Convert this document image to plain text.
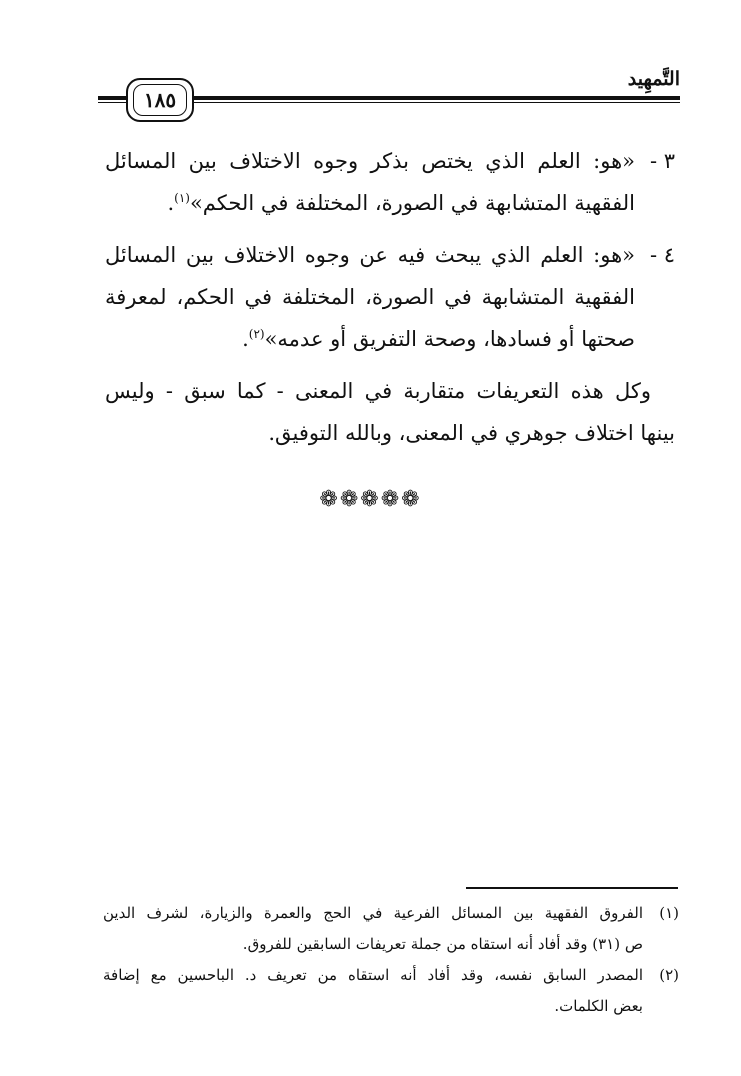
التَّمهِيد
١٨٥
٣ -
«هو: العلم الذي يختص بذكر وجوه الاختلاف بين المسائل
الفقهية المتشابهة في الصورة، المختلفة في الحكم»$^{(١)}$.
٤ -
«هو: العلم الذي يبحث فيه عن وجوه الاختلاف بين المسائل
الفقهية المتشابهة في الصورة، المختلفة في الحكم، لمعرفة
صحتها أو فسادها، وصحة التفريق أو عدمه»$^{(٢)}$.
وكل هذه التعريفات متقاربة في المعنى - كما سبق - وليس
بينها اختلاف جوهري في المعنى، وبالله التوفيق.
❁❁❁❁❁
(١)
الفروق الفقهية بين المسائل الفرعية في الحج والعمرة والزيارة، لشرف الدين
ص (٣١) وقد أفاد أنه استقاه من جملة تعريفات السابقين للفروق.
(٢)
المصدر السابق نفسه، وقد أفاد أنه استقاه من تعريف د. الباحسين مع إضافة
بعض الكلمات.
